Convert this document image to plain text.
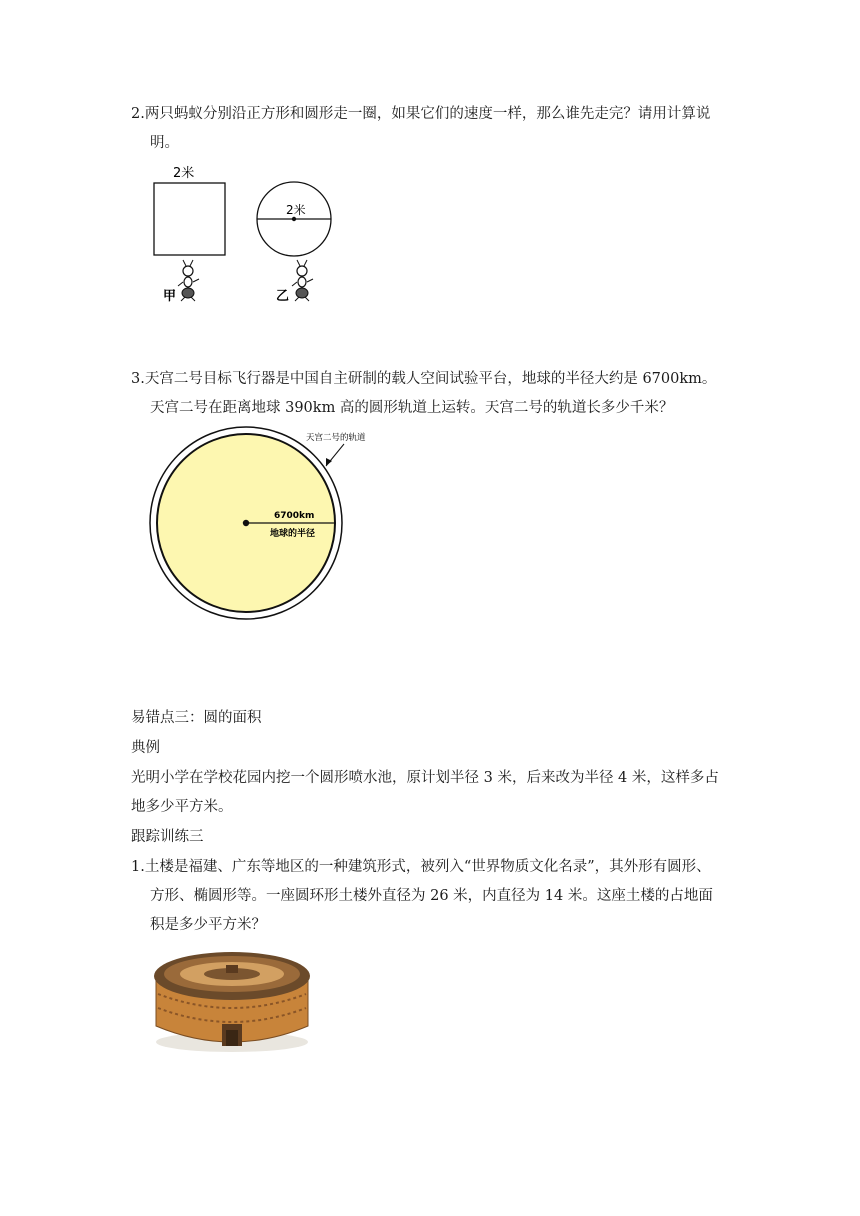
2.两只蚂蚁分别沿正方形和圆形走一圈，如果它们的速度一样，那么谁先走完？请用计算说
明。
2米
2米
甲	乙
3.天宫二号目标飞行器是中国自主研制的载人空间试验平台，地球的半径大约是 6700km。
天宫二号在距离地球 390km 高的圆形轨道上运转。天宫二号的轨道长多少千米？
6700km
地球的半径
天宫二号的轨道
易错点三：圆的面积
典例
光明小学在学校花园内挖一个圆形喷水池，原计划半径 3 米，后来改为半径 4 米，这样多占
地多少平方米。
跟踪训练三
1.土楼是福建、广东等地区的一种建筑形式，被列入“世界物质文化名录”，其外形有圆形、
方形、椭圆形等。一座圆环形土楼外直径为 26 米，内直径为 14 米。这座土楼的占地面
积是多少平方米？
